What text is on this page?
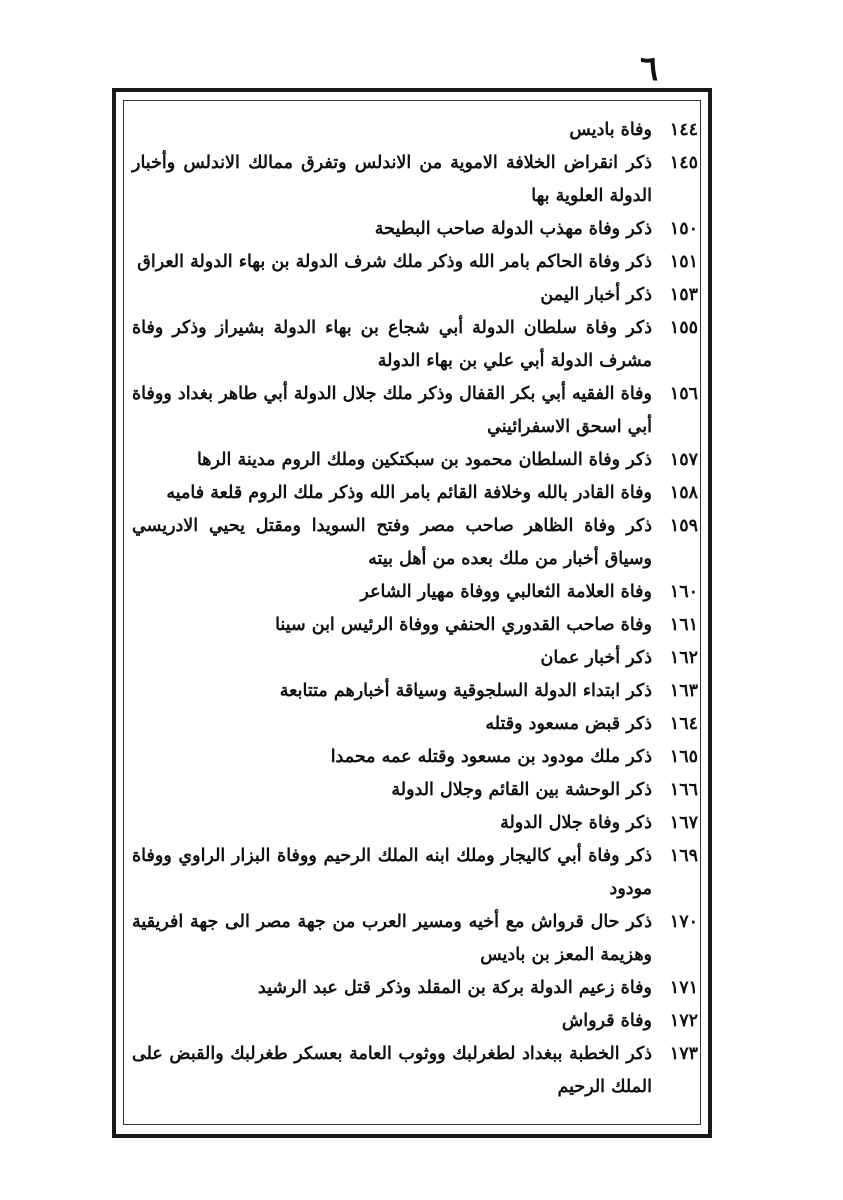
٦
١٤٤
وفاة باديس
١٤٥
ذكر انقراض الخلافة الاموية من الاندلس وتفرق ممالك الاندلس وأخبار الدولة العلوية بها
١٥٠
ذكر وفاة مهذب الدولة صاحب البطيحة
١٥١
ذكر وفاة الحاكم بامر الله وذكر ملك شرف الدولة بن بهاء الدولة العراق
١٥٣
ذكر أخبار اليمن
١٥٥
ذكر وفاة سلطان الدولة أبي شجاع بن بهاء الدولة بشيراز وذكر وفاة مشرف الدولة أبي علي بن بهاء الدولة
١٥٦
وفاة الفقيه أبي بكر القفال وذكر ملك جلال الدولة أبي طاهر بغداد ووفاة أبي اسحق الاسفرائيني
١٥٧
ذكر وفاة السلطان محمود بن سبكتكين وملك الروم مدينة الرها
١٥٨
وفاة القادر بالله وخلافة القائم بامر الله وذكر ملك الروم قلعة فاميه
١٥٩
ذكر وفاة الظاهر صاحب مصر وفتح السويدا ومقتل يحيي الادريسي وسياق أخبار من ملك بعده من أهل بيته
١٦٠
وفاة العلامة الثعالبي ووفاة مهيار الشاعر
١٦١
وفاة صاحب القدوري الحنفي ووفاة الرئيس ابن سينا
١٦٢
ذكر أخبار عمان
١٦٣
ذكر ابتداء الدولة السلجوقية وسياقة أخبارهم متتابعة
١٦٤
ذكر قبض مسعود وقتله
١٦٥
ذكر ملك مودود بن مسعود وقتله عمه محمدا
١٦٦
ذكر الوحشة بين القائم وجلال الدولة
١٦٧
ذكر وفاة جلال الدولة
١٦٩
ذكر وفاة أبي كاليجار وملك ابنه الملك الرحيم ووفاة البزار الراوي ووفاة مودود
١٧٠
ذكر حال قرواش مع أخيه ومسير العرب من جهة مصر الى جهة افريقية وهزيمة المعز بن باديس
١٧١
وفاة زعيم الدولة بركة بن المقلد وذكر قتل عبد الرشيد
١٧٢
وفاة قرواش
١٧٣
ذكر الخطبة ببغداد لطغرلبك ووثوب العامة بعسكر طغرلبك والقبض على الملك الرحيم
